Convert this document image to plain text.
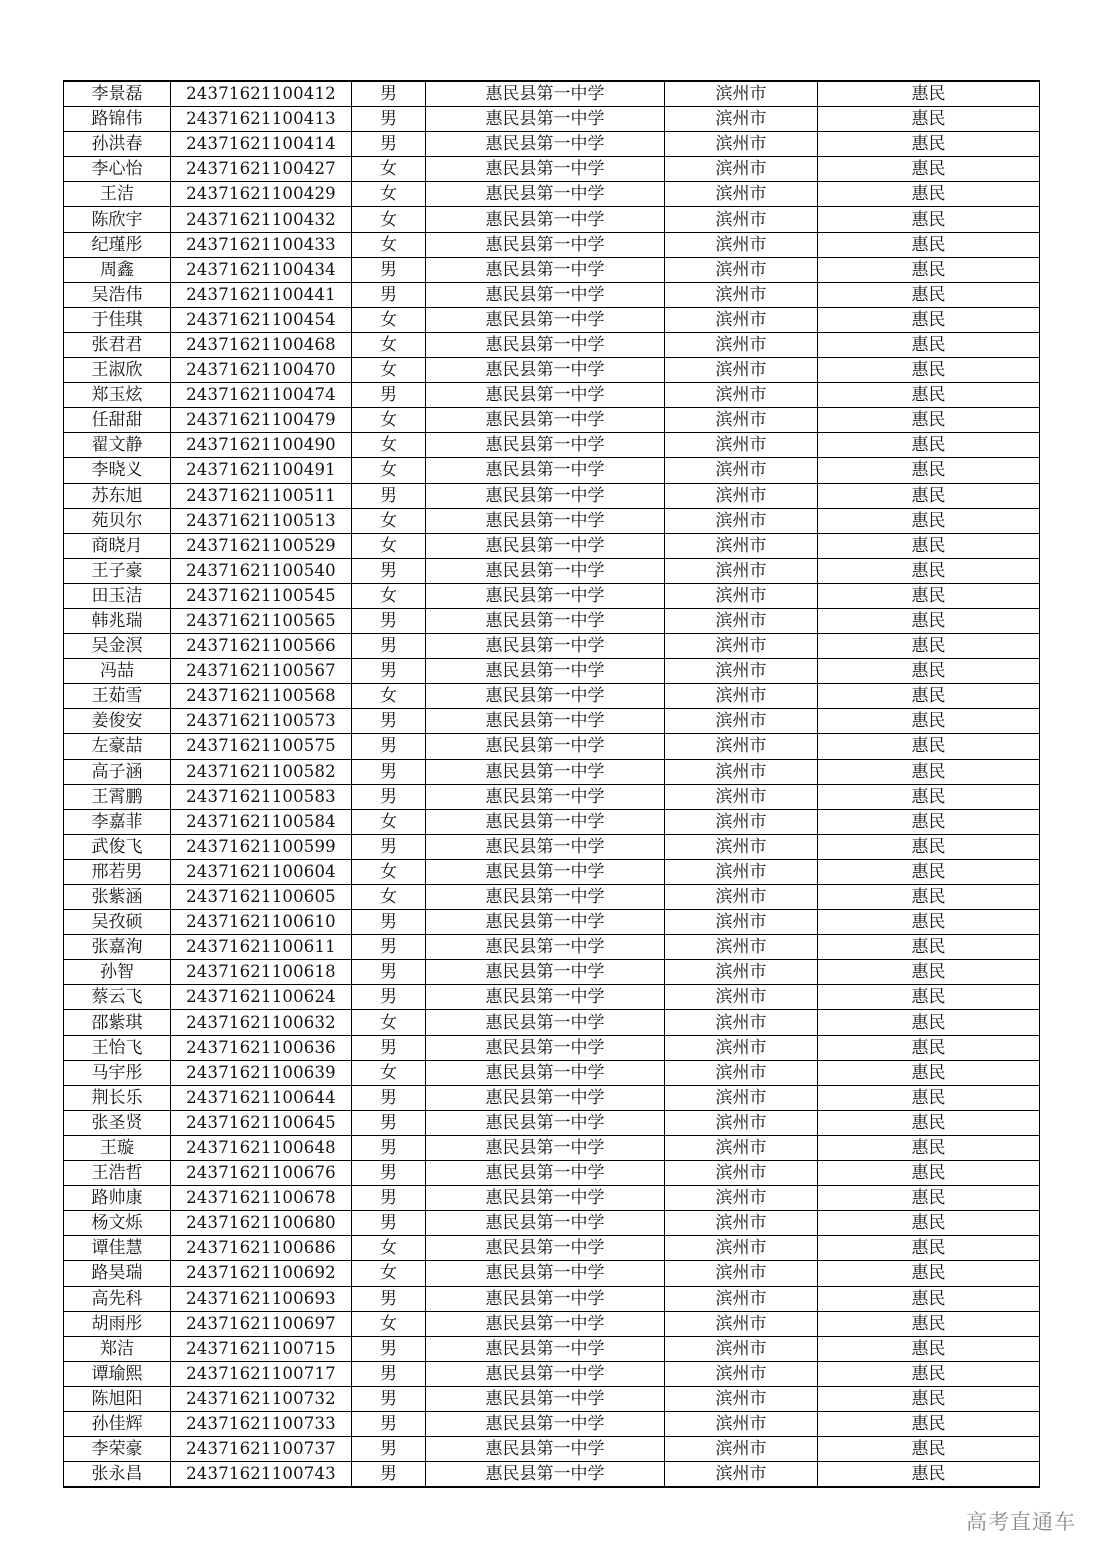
李景磊	24371621100412	男	惠民县第一中学	滨州市	惠民
路锦伟	24371621100413	男	惠民县第一中学	滨州市	惠民
孙洪春	24371621100414	男	惠民县第一中学	滨州市	惠民
李心怡	24371621100427	女	惠民县第一中学	滨州市	惠民
王洁	24371621100429	女	惠民县第一中学	滨州市	惠民
陈欣宇	24371621100432	女	惠民县第一中学	滨州市	惠民
纪瑾彤	24371621100433	女	惠民县第一中学	滨州市	惠民
周鑫	24371621100434	男	惠民县第一中学	滨州市	惠民
吴浩伟	24371621100441	男	惠民县第一中学	滨州市	惠民
于佳琪	24371621100454	女	惠民县第一中学	滨州市	惠民
张君君	24371621100468	女	惠民县第一中学	滨州市	惠民
王淑欣	24371621100470	女	惠民县第一中学	滨州市	惠民
郑玉炫	24371621100474	男	惠民县第一中学	滨州市	惠民
任甜甜	24371621100479	女	惠民县第一中学	滨州市	惠民
翟文静	24371621100490	女	惠民县第一中学	滨州市	惠民
李晓义	24371621100491	女	惠民县第一中学	滨州市	惠民
苏东旭	24371621100511	男	惠民县第一中学	滨州市	惠民
苑贝尔	24371621100513	女	惠民县第一中学	滨州市	惠民
商晓月	24371621100529	女	惠民县第一中学	滨州市	惠民
王子豪	24371621100540	男	惠民县第一中学	滨州市	惠民
田玉洁	24371621100545	女	惠民县第一中学	滨州市	惠民
韩兆瑞	24371621100565	男	惠民县第一中学	滨州市	惠民
吴金溟	24371621100566	男	惠民县第一中学	滨州市	惠民
冯喆	24371621100567	男	惠民县第一中学	滨州市	惠民
王茹雪	24371621100568	女	惠民县第一中学	滨州市	惠民
姜俊安	24371621100573	男	惠民县第一中学	滨州市	惠民
左豪喆	24371621100575	男	惠民县第一中学	滨州市	惠民
高子涵	24371621100582	男	惠民县第一中学	滨州市	惠民
王霄鹏	24371621100583	男	惠民县第一中学	滨州市	惠民
李嘉菲	24371621100584	女	惠民县第一中学	滨州市	惠民
武俊飞	24371621100599	男	惠民县第一中学	滨州市	惠民
邢若男	24371621100604	女	惠民县第一中学	滨州市	惠民
张紫涵	24371621100605	女	惠民县第一中学	滨州市	惠民
吴孜硕	24371621100610	男	惠民县第一中学	滨州市	惠民
张嘉洵	24371621100611	男	惠民县第一中学	滨州市	惠民
孙智	24371621100618	男	惠民县第一中学	滨州市	惠民
蔡云飞	24371621100624	男	惠民县第一中学	滨州市	惠民
邵紫琪	24371621100632	女	惠民县第一中学	滨州市	惠民
王怡飞	24371621100636	男	惠民县第一中学	滨州市	惠民
马宇彤	24371621100639	女	惠民县第一中学	滨州市	惠民
荆长乐	24371621100644	男	惠民县第一中学	滨州市	惠民
张圣贤	24371621100645	男	惠民县第一中学	滨州市	惠民
王璇	24371621100648	男	惠民县第一中学	滨州市	惠民
王浩哲	24371621100676	男	惠民县第一中学	滨州市	惠民
路帅康	24371621100678	男	惠民县第一中学	滨州市	惠民
杨文烁	24371621100680	男	惠民县第一中学	滨州市	惠民
谭佳慧	24371621100686	女	惠民县第一中学	滨州市	惠民
路昊瑞	24371621100692	女	惠民县第一中学	滨州市	惠民
高先科	24371621100693	男	惠民县第一中学	滨州市	惠民
胡雨彤	24371621100697	女	惠民县第一中学	滨州市	惠民
郑洁	24371621100715	男	惠民县第一中学	滨州市	惠民
谭瑜熙	24371621100717	男	惠民县第一中学	滨州市	惠民
陈旭阳	24371621100732	男	惠民县第一中学	滨州市	惠民
孙佳辉	24371621100733	男	惠民县第一中学	滨州市	惠民
李荣豪	24371621100737	男	惠民县第一中学	滨州市	惠民
张永昌	24371621100743	男	惠民县第一中学	滨州市	惠民
高考直通车
